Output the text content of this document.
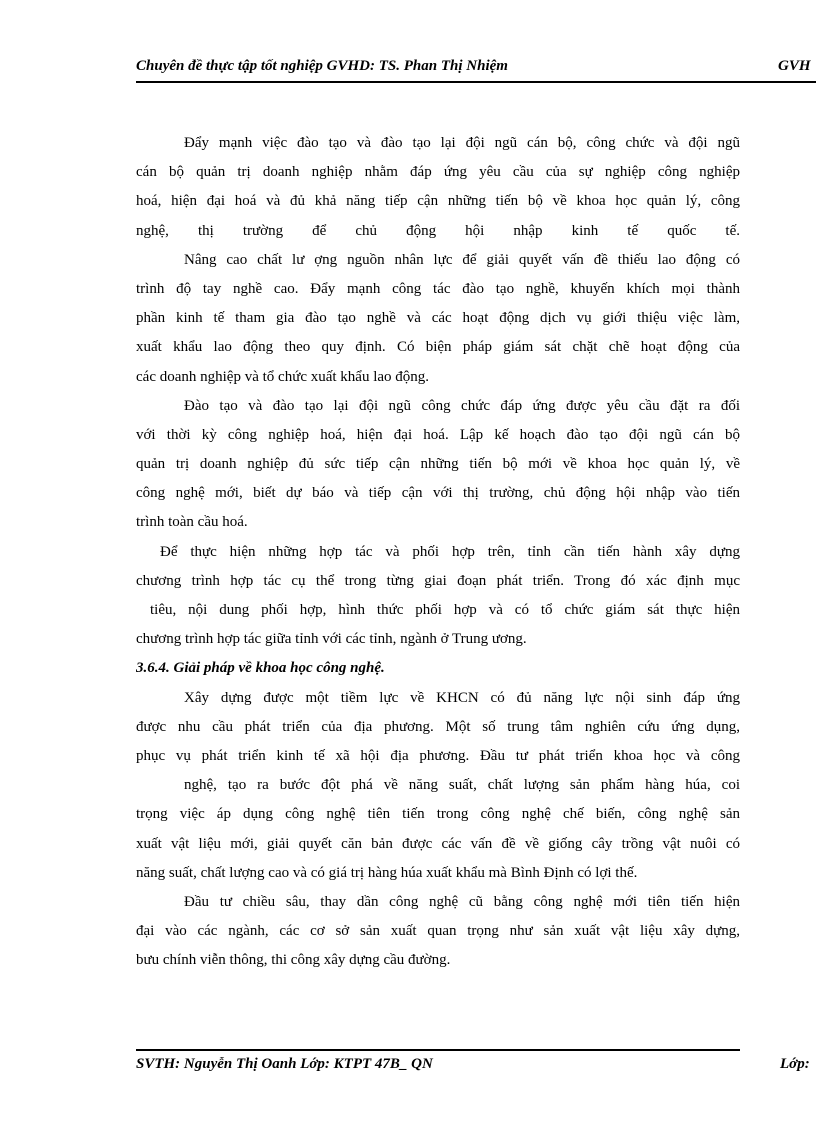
Chuyên đề thực tập tốt nghiệp GVHD: TS. Phan Thị Nhiệm	GVH
Đẩy mạnh việc đào tạo và đào tạo lại đội ngũ cán bộ, công chức và đội ngũ
cán bộ quản trị doanh nghiệp nhằm đáp ứng yêu cầu của sự nghiệp công nghiệp
hoá, hiện đại hoá và đủ khả năng tiếp cận những tiến bộ về khoa học quản lý, công
nghệ, thị trường để chủ động hội nhập kinh tế quốc tế.
Nâng cao chất lư ợng nguồn nhân lực để giải quyết vấn đề thiếu lao động có
trình độ tay nghề cao. Đẩy mạnh công tác đào tạo nghề, khuyến khích mọi thành
phần kinh tế tham gia đào tạo nghề và các hoạt động dịch vụ giới thiệu việc làm,
xuất khẩu lao động theo quy định. Có biện pháp giám sát chặt chẽ hoạt động của
các doanh nghiệp và tổ chức xuất khẩu lao động.
Đào tạo và đào tạo lại đội ngũ công chức đáp ứng được yêu cầu đặt ra đối
với thời kỳ công nghiệp hoá, hiện đại hoá. Lập kế hoạch đào tạo đội ngũ cán bộ
quản trị doanh nghiệp đủ sức tiếp cận những tiến bộ mới về khoa học quản lý, về
công nghệ mới, biết dự báo và tiếp cận với thị trường, chủ động hội nhập vào tiến
trình toàn cầu hoá.
Để thực hiện những hợp tác và phối hợp trên, tỉnh cần tiến hành xây dựng
chương trình hợp tác cụ thể trong từng giai đoạn phát triển. Trong đó xác định mục
tiêu, nội dung phối hợp, hình thức phối hợp và có tổ chức giám sát thực hiện
chương trình hợp tác giữa tỉnh với các tỉnh, ngành ở Trung ương.
3.6.4. Giải pháp về khoa học công nghệ.
Xây dựng được một tiềm lực về KHCN có đủ năng lực nội sinh đáp ứng
được nhu cầu phát triển của địa phương. Một số trung tâm nghiên cứu ứng dụng,
phục vụ phát triển kinh tế xã hội địa phương. Đầu tư phát triển khoa học và công
nghệ, tạo ra bước đột phá về năng suất, chất lượng sản phẩm hàng húa, coi
trọng việc áp dụng công nghệ tiên tiến trong công nghệ chế biến, công nghệ sản
xuất vật liệu mới, giải quyết căn bản được các vấn đề về giống cây trồng vật nuôi có
năng suất, chất lượng cao và có giá trị hàng húa xuất khẩu mà Bình Định có lợi thế.
Đầu tư chiều sâu, thay dần công nghệ cũ bằng công nghệ mới tiên tiến hiện
đại vào các ngành, các cơ sở sản xuất quan trọng như sản xuất vật liệu xây dựng,
bưu chính viễn thông, thi công xây dựng cầu đường.
SVTH: Nguyễn Thị Oanh Lớp: KTPT 47B_ QN	Lớp:
